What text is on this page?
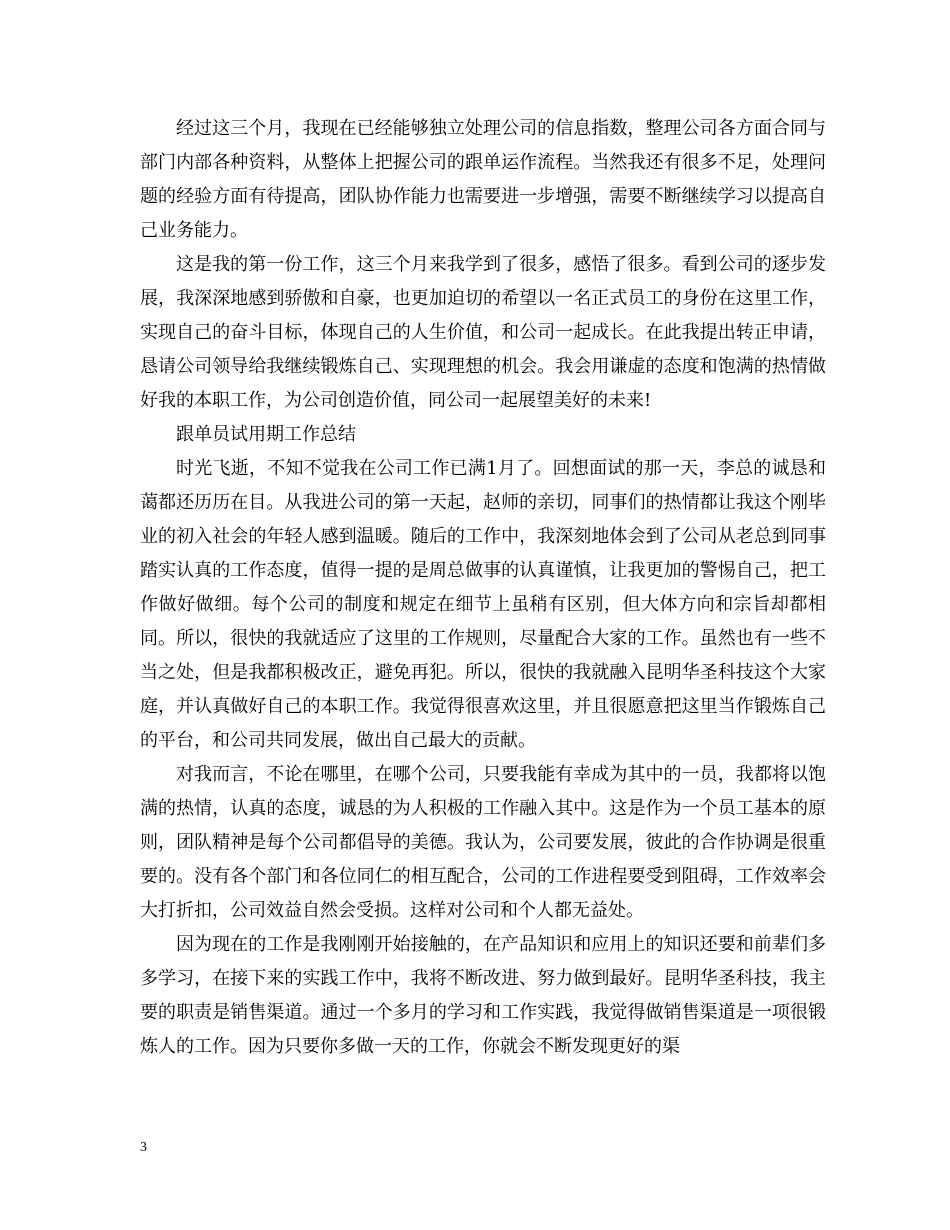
经过这三个月，我现在已经能够独立处理公司的信息指数，整理公司各方面合同与部门内部各种资料，从整体上把握公司的跟单运作流程。当然我还有很多不足，处理问题的经验方面有待提高，团队协作能力也需要进一步增强，需要不断继续学习以提高自己业务能力。

这是我的第一份工作，这三个月来我学到了很多，感悟了很多。看到公司的逐步发展，我深深地感到骄傲和自豪，也更加迫切的希望以一名正式员工的身份在这里工作，实现自己的奋斗目标，体现自己的人生价值，和公司一起成长。在此我提出转正申请，恳请公司领导给我继续锻炼自己、实现理想的机会。我会用谦虚的态度和饱满的热情做好我的本职工作，为公司创造价值，同公司一起展望美好的未来!

跟单员试用期工作总结

时光飞逝，不知不觉我在公司工作已满1月了。回想面试的那一天，李总的诚恳和蔼都还历历在目。从我进公司的第一天起，赵师的亲切，同事们的热情都让我这个刚毕业的初入社会的年轻人感到温暖。随后的工作中，我深刻地体会到了公司从老总到同事踏实认真的工作态度，值得一提的是周总做事的认真谨慎，让我更加的警惕自己，把工作做好做细。每个公司的制度和规定在细节上虽稍有区别，但大体方向和宗旨却都相同。所以，很快的我就适应了这里的工作规则，尽量配合大家的工作。虽然也有一些不当之处，但是我都积极改正，避免再犯。所以，很快的我就融入昆明华圣科技这个大家庭，并认真做好自己的本职工作。我觉得很喜欢这里，并且很愿意把这里当作锻炼自己的平台，和公司共同发展，做出自己最大的贡献。

对我而言，不论在哪里，在哪个公司，只要我能有幸成为其中的一员，我都将以饱满的热情，认真的态度，诚恳的为人积极的工作融入其中。这是作为一个员工基本的原则，团队精神是每个公司都倡导的美德。我认为，公司要发展，彼此的合作协调是很重要的。没有各个部门和各位同仁的相互配合，公司的工作进程要受到阻碍，工作效率会大打折扣，公司效益自然会受损。这样对公司和个人都无益处。

因为现在的工作是我刚刚开始接触的，在产品知识和应用上的知识还要和前辈们多多学习，在接下来的实践工作中，我将不断改进、努力做到最好。昆明华圣科技，我主要的职责是销售渠道。通过一个多月的学习和工作实践，我觉得做销售渠道是一项很锻炼人的工作。因为只要你多做一天的工作，你就会不断发现更好的渠

3
